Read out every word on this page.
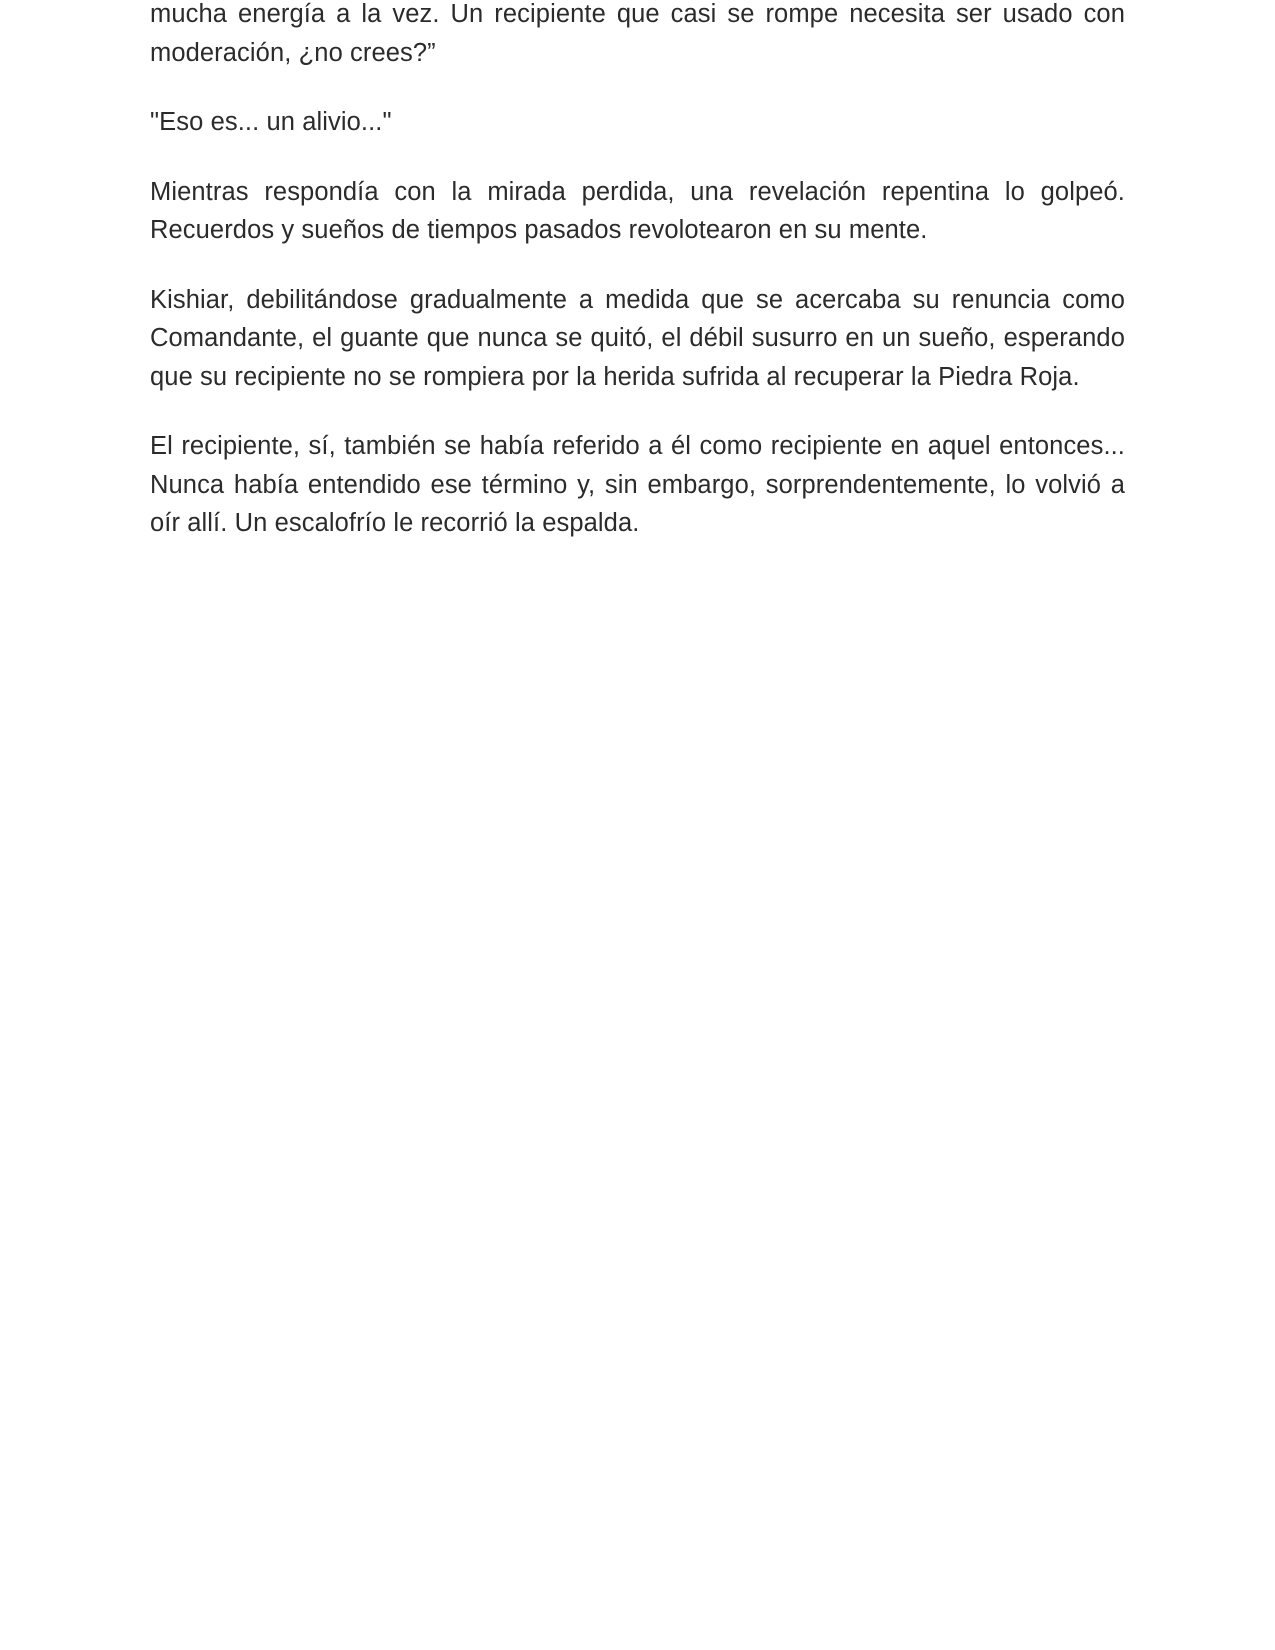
mucha energía a la vez. Un recipiente que casi se rompe necesita ser usado con moderación, ¿no crees?”

"Eso es... un alivio..."

Mientras respondía con la mirada perdida, una revelación repentina lo golpeó. Recuerdos y sueños de tiempos pasados revolotearon en su mente.

Kishiar, debilitándose gradualmente a medida que se acercaba su renuncia como Comandante, el guante que nunca se quitó, el débil susurro en un sueño, esperando que su recipiente no se rompiera por la herida sufrida al recuperar la Piedra Roja.

El recipiente, sí, también se había referido a él como recipiente en aquel entonces... Nunca había entendido ese término y, sin embargo, sorprendentemente, lo volvió a oír allí. Un escalofrío le recorrió la espalda.
